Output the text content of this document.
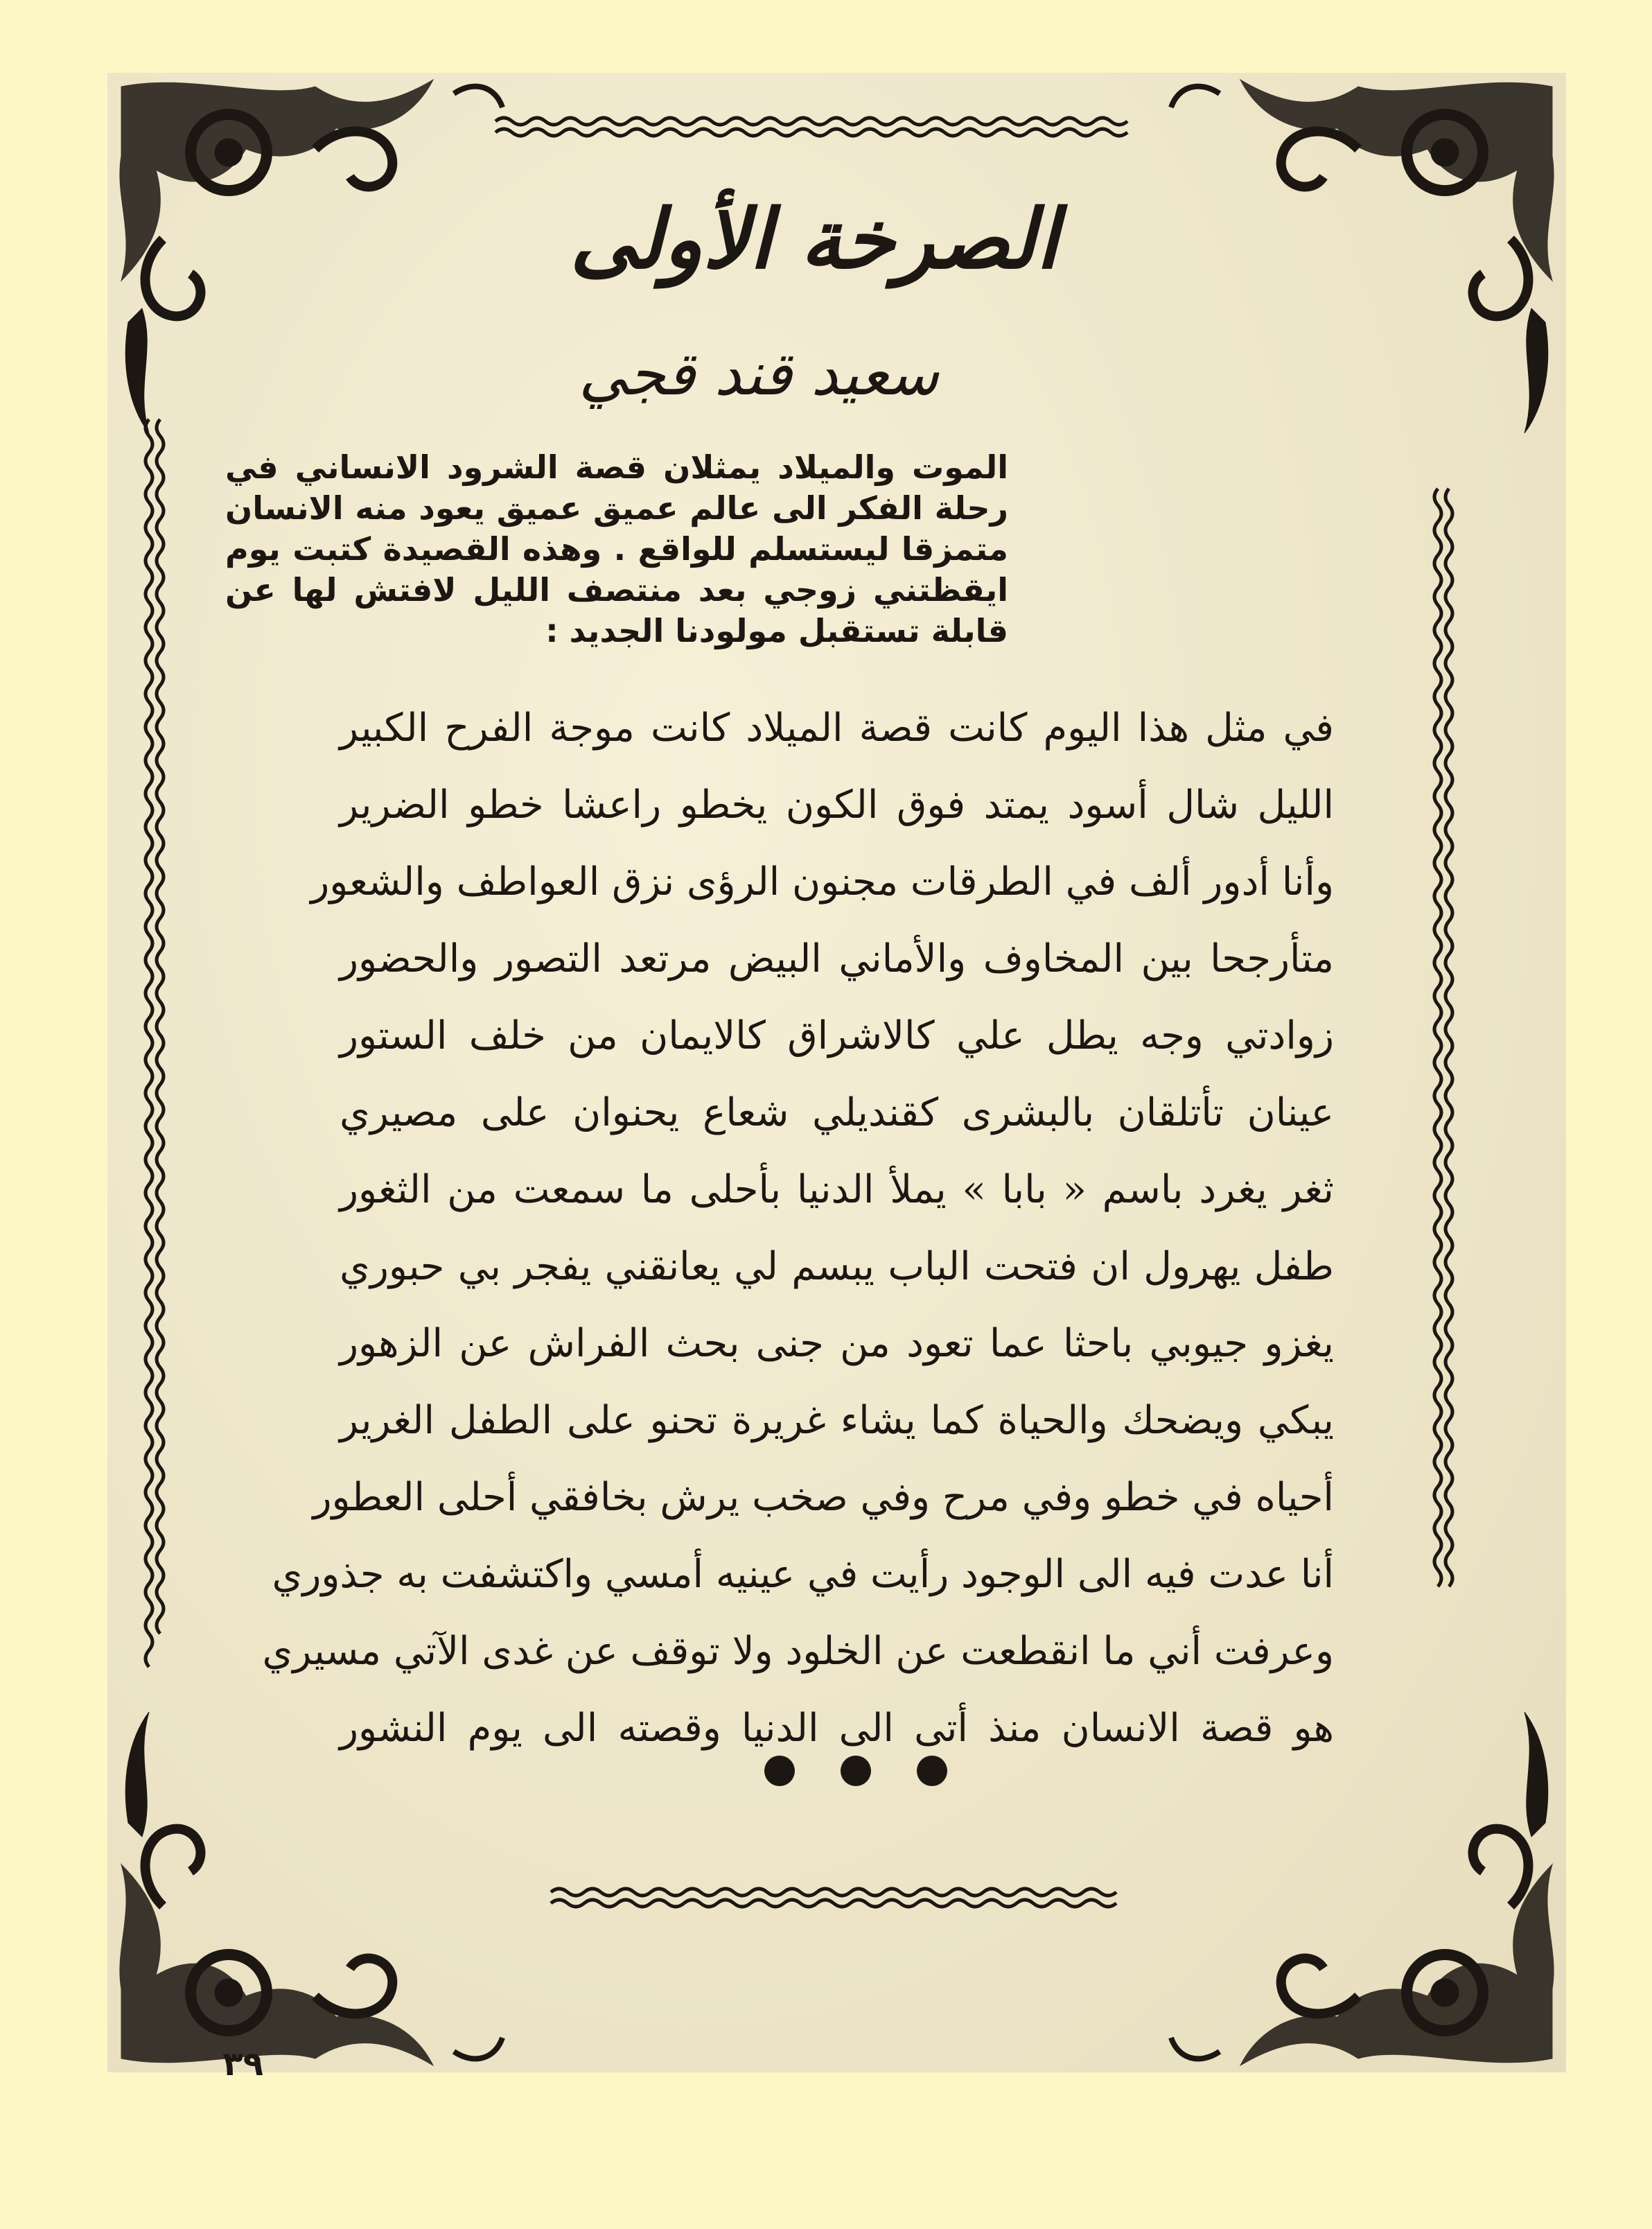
الصرخة الأولى
سعيد قند قجي
الموت والميلاد يمثلان قصة الشرود الانساني في رحلة الفكر الى عالم عميق عميق يعود منه الانسان متمزقا ليستسلم للواقع . وهذه القصيدة كتبت يوم ايقظتني زوجي بعد منتصف الليل لافتش لها عن قابلة تستقبل مولودنا الجديد :
في مثل هذا اليوم كانت قصة الميلاد كانت موجة الفرح الكبير
الليل شال أسود يمتد فوق الكون يخطو راعشا خطو الضرير
وأنا أدور ألف في الطرقات مجنون الرؤى نزق العواطف والشعور
متأرجحا بين المخاوف والأماني البيض مرتعد التصور والحضور
زوادتي وجه يطل علي كالاشراق كالايمان من خلف الستور
عينان تأتلقان بالبشرى كقنديلي شعاع يحنوان على مصيري
ثغر يغرد باسم « بابا » يملأ الدنيا بأحلى ما سمعت من الثغور
طفل يهرول ان فتحت الباب يبسم لي يعانقني يفجر بي حبوري
يغزو جيوبي باحثا عما تعود من جنى بحث الفراش عن الزهور
يبكي ويضحك والحياة كما يشاء غريرة تحنو على الطفل الغرير
أحياه في خطو وفي مرح وفي صخب يرش بخافقي أحلى العطور
أنا عدت فيه الى الوجود رأيت في عينيه أمسي واكتشفت به جذوري
وعرفت أني ما انقطعت عن الخلود ولا توقف عن غدى الآتي مسيري
هو قصة الانسان منذ أتى الى الدنيا وقصته الى يوم النشور
٣٩
